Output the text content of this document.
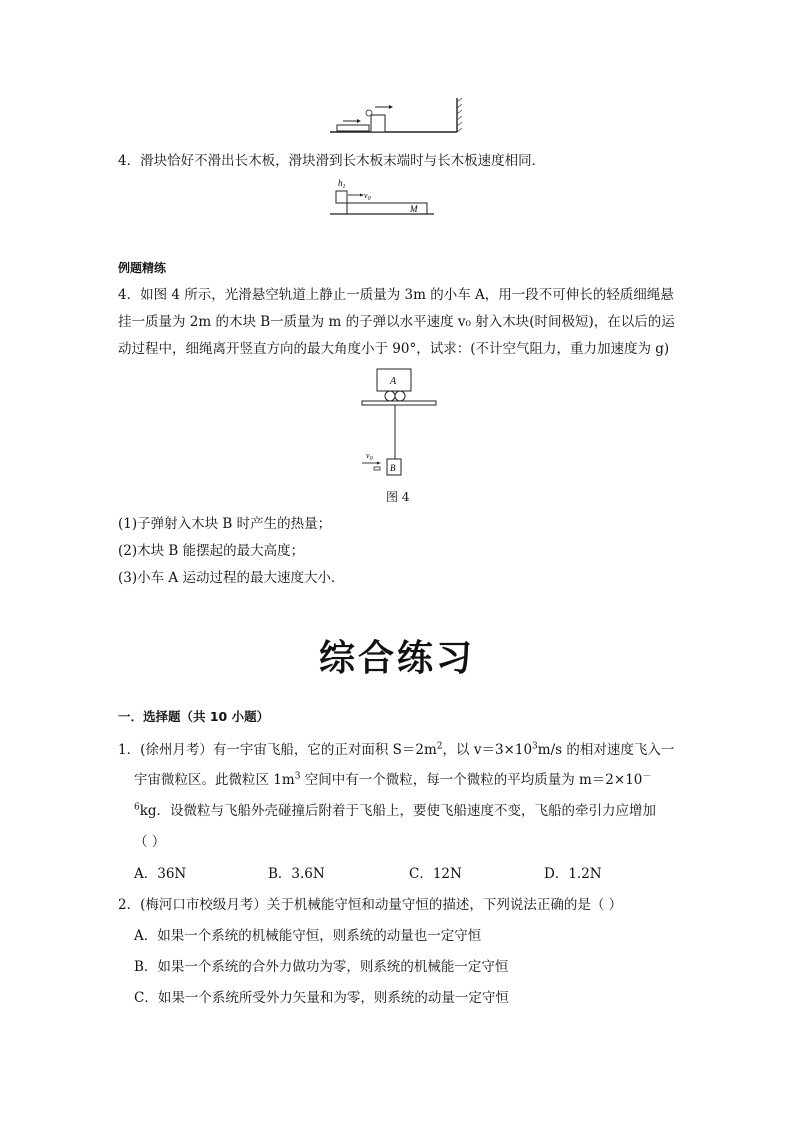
4．滑块恰好不滑出长木板，滑块滑到长木板末端时与长木板速度相同．
$h_1$
$v_0$
M
例题精练
4．如图 4 所示，光滑悬空轨道上静止一质量为 3m 的小车 A，用一段不可伸长的轻质细绳悬
挂一质量为 2m 的木块 B一质量为 m 的子弹以水平速度 v₀ 射入木块(时间极短)，在以后的运
动过程中，细绳离开竖直方向的最大角度小于 90°，试求：(不计空气阻力，重力加速度为 g)
A
B
$v_0$
图 4
(1)子弹射入木块 B 时产生的热量；
(2)木块 B 能摆起的最大高度；
(3)小车 A 运动过程的最大速度大小．
综合练习
一．选择题（共 10 小题）
1．(徐州月考）有一宇宙飞船，它的正对面积 $S=2m^2$，以 $v=3\times 10^3m/s$ 的相对速度飞入一
宇宙微粒区。此微粒区 $1m^3$ 空间中有一个微粒，每一个微粒的平均质量为 m＝2×10－
$^6$kg．设微粒与飞船外壳碰撞后附着于飞船上，要使飞船速度不变，飞船的牵引力应增加
（ ）
A．36N	B．3.6N	C．12N	D．1.2N
2．(梅河口市校级月考）关于机械能守恒和动量守恒的描述，下列说法正确的是（ ）
A．如果一个系统的机械能守恒，则系统的动量也一定守恒
B．如果一个系统的合外力做功为零，则系统的机械能一定守恒
C．如果一个系统所受外力矢量和为零，则系统的动量一定守恒
